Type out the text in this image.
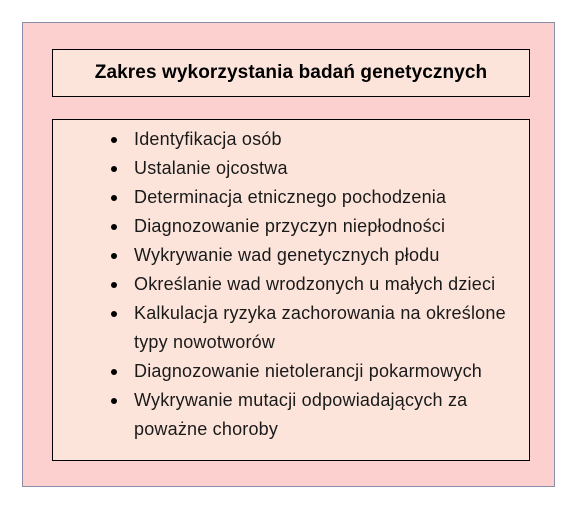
Zakres wykorzystania badań genetycznych
Identyfikacja osób
Ustalanie ojcostwa
Determinacja etnicznego pochodzenia
Diagnozowanie przyczyn niepłodności
Wykrywanie wad genetycznych płodu
Określanie wad wrodzonych u małych dzieci
Kalkulacja ryzyka zachorowania na określone typy nowotworów
Diagnozowanie nietolerancji pokarmowych
Wykrywanie mutacji odpowiadających za poważne choroby
